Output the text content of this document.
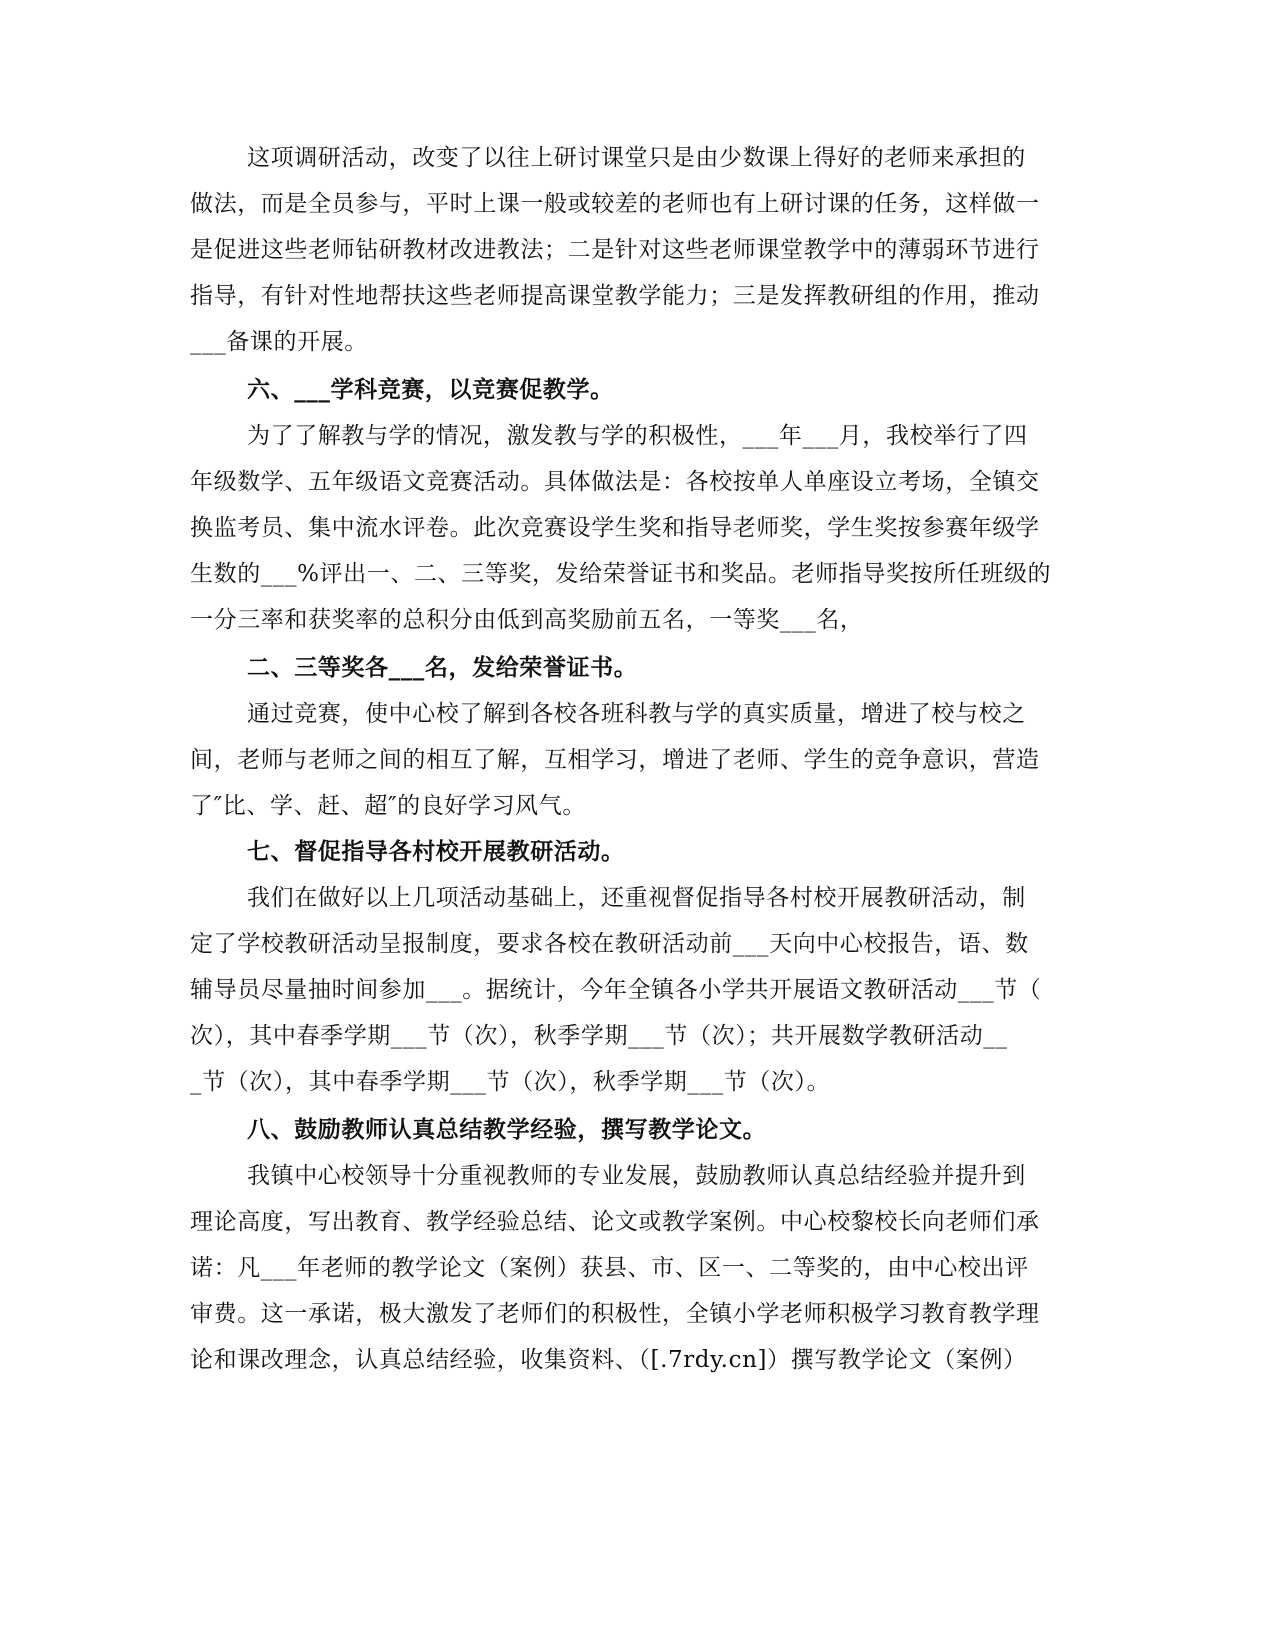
这项调研活动，改变了以往上研讨课堂只是由少数课上得好的老师来承担的
做法，而是全员参与，平时上课一般或较差的老师也有上研讨课的任务，这样做一
是促进这些老师钻研教材改进教法；二是针对这些老师课堂教学中的薄弱环节进行
指导，有针对性地帮扶这些老师提高课堂教学能力；三是发挥教研组的作用，推动
___备课的开展。
六、___学科竞赛，以竞赛促教学。
为了了解教与学的情况，激发教与学的积极性，___年___月，我校举行了四
年级数学、五年级语文竞赛活动。具体做法是：各校按单人单座设立考场，全镇交
换监考员、集中流水评卷。此次竞赛设学生奖和指导老师奖，学生奖按参赛年级学
生数的___%评出一、二、三等奖，发给荣誉证书和奖品。老师指导奖按所任班级的
一分三率和获奖率的总积分由低到高奖励前五名，一等奖___名，
二、三等奖各___名，发给荣誉证书。
通过竞赛，使中心校了解到各校各班科教与学的真实质量，增进了校与校之
间，老师与老师之间的相互了解，互相学习，增进了老师、学生的竞争意识，营造
了″比、学、赶、超″的良好学习风气。
七、督促指导各村校开展教研活动。
我们在做好以上几项活动基础上，还重视督促指导各村校开展教研活动，制
定了学校教研活动呈报制度，要求各校在教研活动前___天向中心校报告，语、数
辅导员尽量抽时间参加___。据统计，今年全镇各小学共开展语文教研活动___节（
次），其中春季学期___节（次），秋季学期___节（次）；共开展数学教研活动__
_节（次），其中春季学期___节（次），秋季学期___节（次）。
八、鼓励教师认真总结教学经验，撰写教学论文。
我镇中心校领导十分重视教师的专业发展，鼓励教师认真总结经验并提升到
理论高度，写出教育、教学经验总结、论文或教学案例。中心校黎校长向老师们承
诺：凡___年老师的教学论文（案例）获县、市、区一、二等奖的，由中心校出评
审费。这一承诺，极大激发了老师们的积极性，全镇小学老师积极学习教育教学理
论和课改理念，认真总结经验，收集资料、（[.7rdy.cn]）撰写教学论文（案例）
